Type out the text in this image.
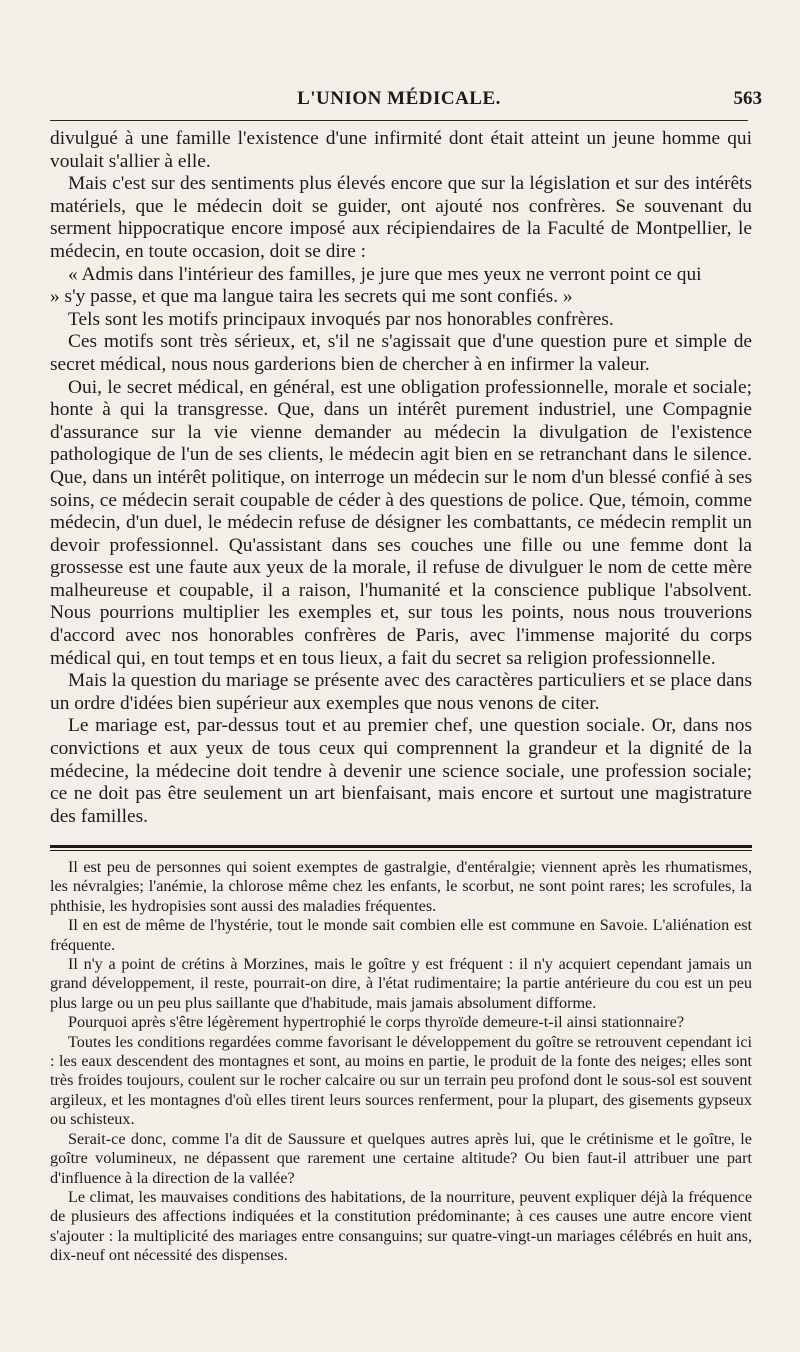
L'UNION MÉDICALE.	563

divulgué à une famille l'existence d'une infirmité dont était atteint un jeune homme qui voulait s'allier à elle.

Mais c'est sur des sentiments plus élevés encore que sur la législation et sur des intérêts matériels, que le médecin doit se guider, ont ajouté nos confrères. Se souvenant du serment hippocratique encore imposé aux récipiendaires de la Faculté de Montpellier, le médecin, en toute occasion, doit se dire :

« Admis dans l'intérieur des familles, je jure que mes yeux ne verront point ce qui

» s'y passe, et que ma langue taira les secrets qui me sont confiés. »

Tels sont les motifs principaux invoqués par nos honorables confrères.

Ces motifs sont très sérieux, et, s'il ne s'agissait que d'une question pure et simple de secret médical, nous nous garderions bien de chercher à en infirmer la valeur.

Oui, le secret médical, en général, est une obligation professionnelle, morale et sociale; honte à qui la transgresse. Que, dans un intérêt purement industriel, une Compagnie d'assurance sur la vie vienne demander au médecin la divulgation de l'existence pathologique de l'un de ses clients, le médecin agit bien en se retranchant dans le silence. Que, dans un intérêt politique, on interroge un médecin sur le nom d'un blessé confié à ses soins, ce médecin serait coupable de céder à des questions de police. Que, témoin, comme médecin, d'un duel, le médecin refuse de désigner les combattants, ce médecin remplit un devoir professionnel. Qu'assistant dans ses couches une fille ou une femme dont la grossesse est une faute aux yeux de la morale, il refuse de divulguer le nom de cette mère malheureuse et coupable, il a raison, l'humanité et la conscience publique l'absolvent. Nous pourrions multiplier les exemples et, sur tous les points, nous nous trouverions d'accord avec nos honorables confrères de Paris, avec l'immense majorité du corps médical qui, en tout temps et en tous lieux, a fait du secret sa religion professionnelle.

Mais la question du mariage se présente avec des caractères particuliers et se place dans un ordre d'idées bien supérieur aux exemples que nous venons de citer.

Le mariage est, par-dessus tout et au premier chef, une question sociale. Or, dans nos convictions et aux yeux de tous ceux qui comprennent la grandeur et la dignité de la médecine, la médecine doit tendre à devenir une science sociale, une profession sociale; ce ne doit pas être seulement un art bienfaisant, mais encore et surtout une magistrature des familles.

Il est peu de personnes qui soient exemptes de gastralgie, d'entéralgie; viennent après les rhumatismes, les névralgies; l'anémie, la chlorose même chez les enfants, le scorbut, ne sont point rares; les scrofules, la phthisie, les hydropisies sont aussi des maladies fréquentes.

Il en est de même de l'hystérie, tout le monde sait combien elle est commune en Savoie. L'aliénation est fréquente.

Il n'y a point de crétins à Morzines, mais le goître y est fréquent : il n'y acquiert cependant jamais un grand développement, il reste, pourrait-on dire, à l'état rudimentaire; la partie antérieure du cou est un peu plus large ou un peu plus saillante que d'habitude, mais jamais absolument difforme.

Pourquoi après s'être légèrement hypertrophié le corps thyroïde demeure-t-il ainsi stationnaire?

Toutes les conditions regardées comme favorisant le développement du goître se retrouvent cependant ici : les eaux descendent des montagnes et sont, au moins en partie, le produit de la fonte des neiges; elles sont très froides toujours, coulent sur le rocher calcaire ou sur un terrain peu profond dont le sous-sol est souvent argileux, et les montagnes d'où elles tirent leurs sources renferment, pour la plupart, des gisements gypseux ou schisteux.

Serait-ce donc, comme l'a dit de Saussure et quelques autres après lui, que le crétinisme et le goître, le goître volumineux, ne dépassent que rarement une certaine altitude? Ou bien faut-il attribuer une part d'influence à la direction de la vallée?

Le climat, les mauvaises conditions des habitations, de la nourriture, peuvent expliquer déjà la fréquence de plusieurs des affections indiquées et la constitution prédominante; à ces causes une autre encore vient s'ajouter : la multiplicité des mariages entre consanguins; sur quatre-vingt-un mariages célébrés en huit ans, dix-neuf ont nécessité des dispenses.
